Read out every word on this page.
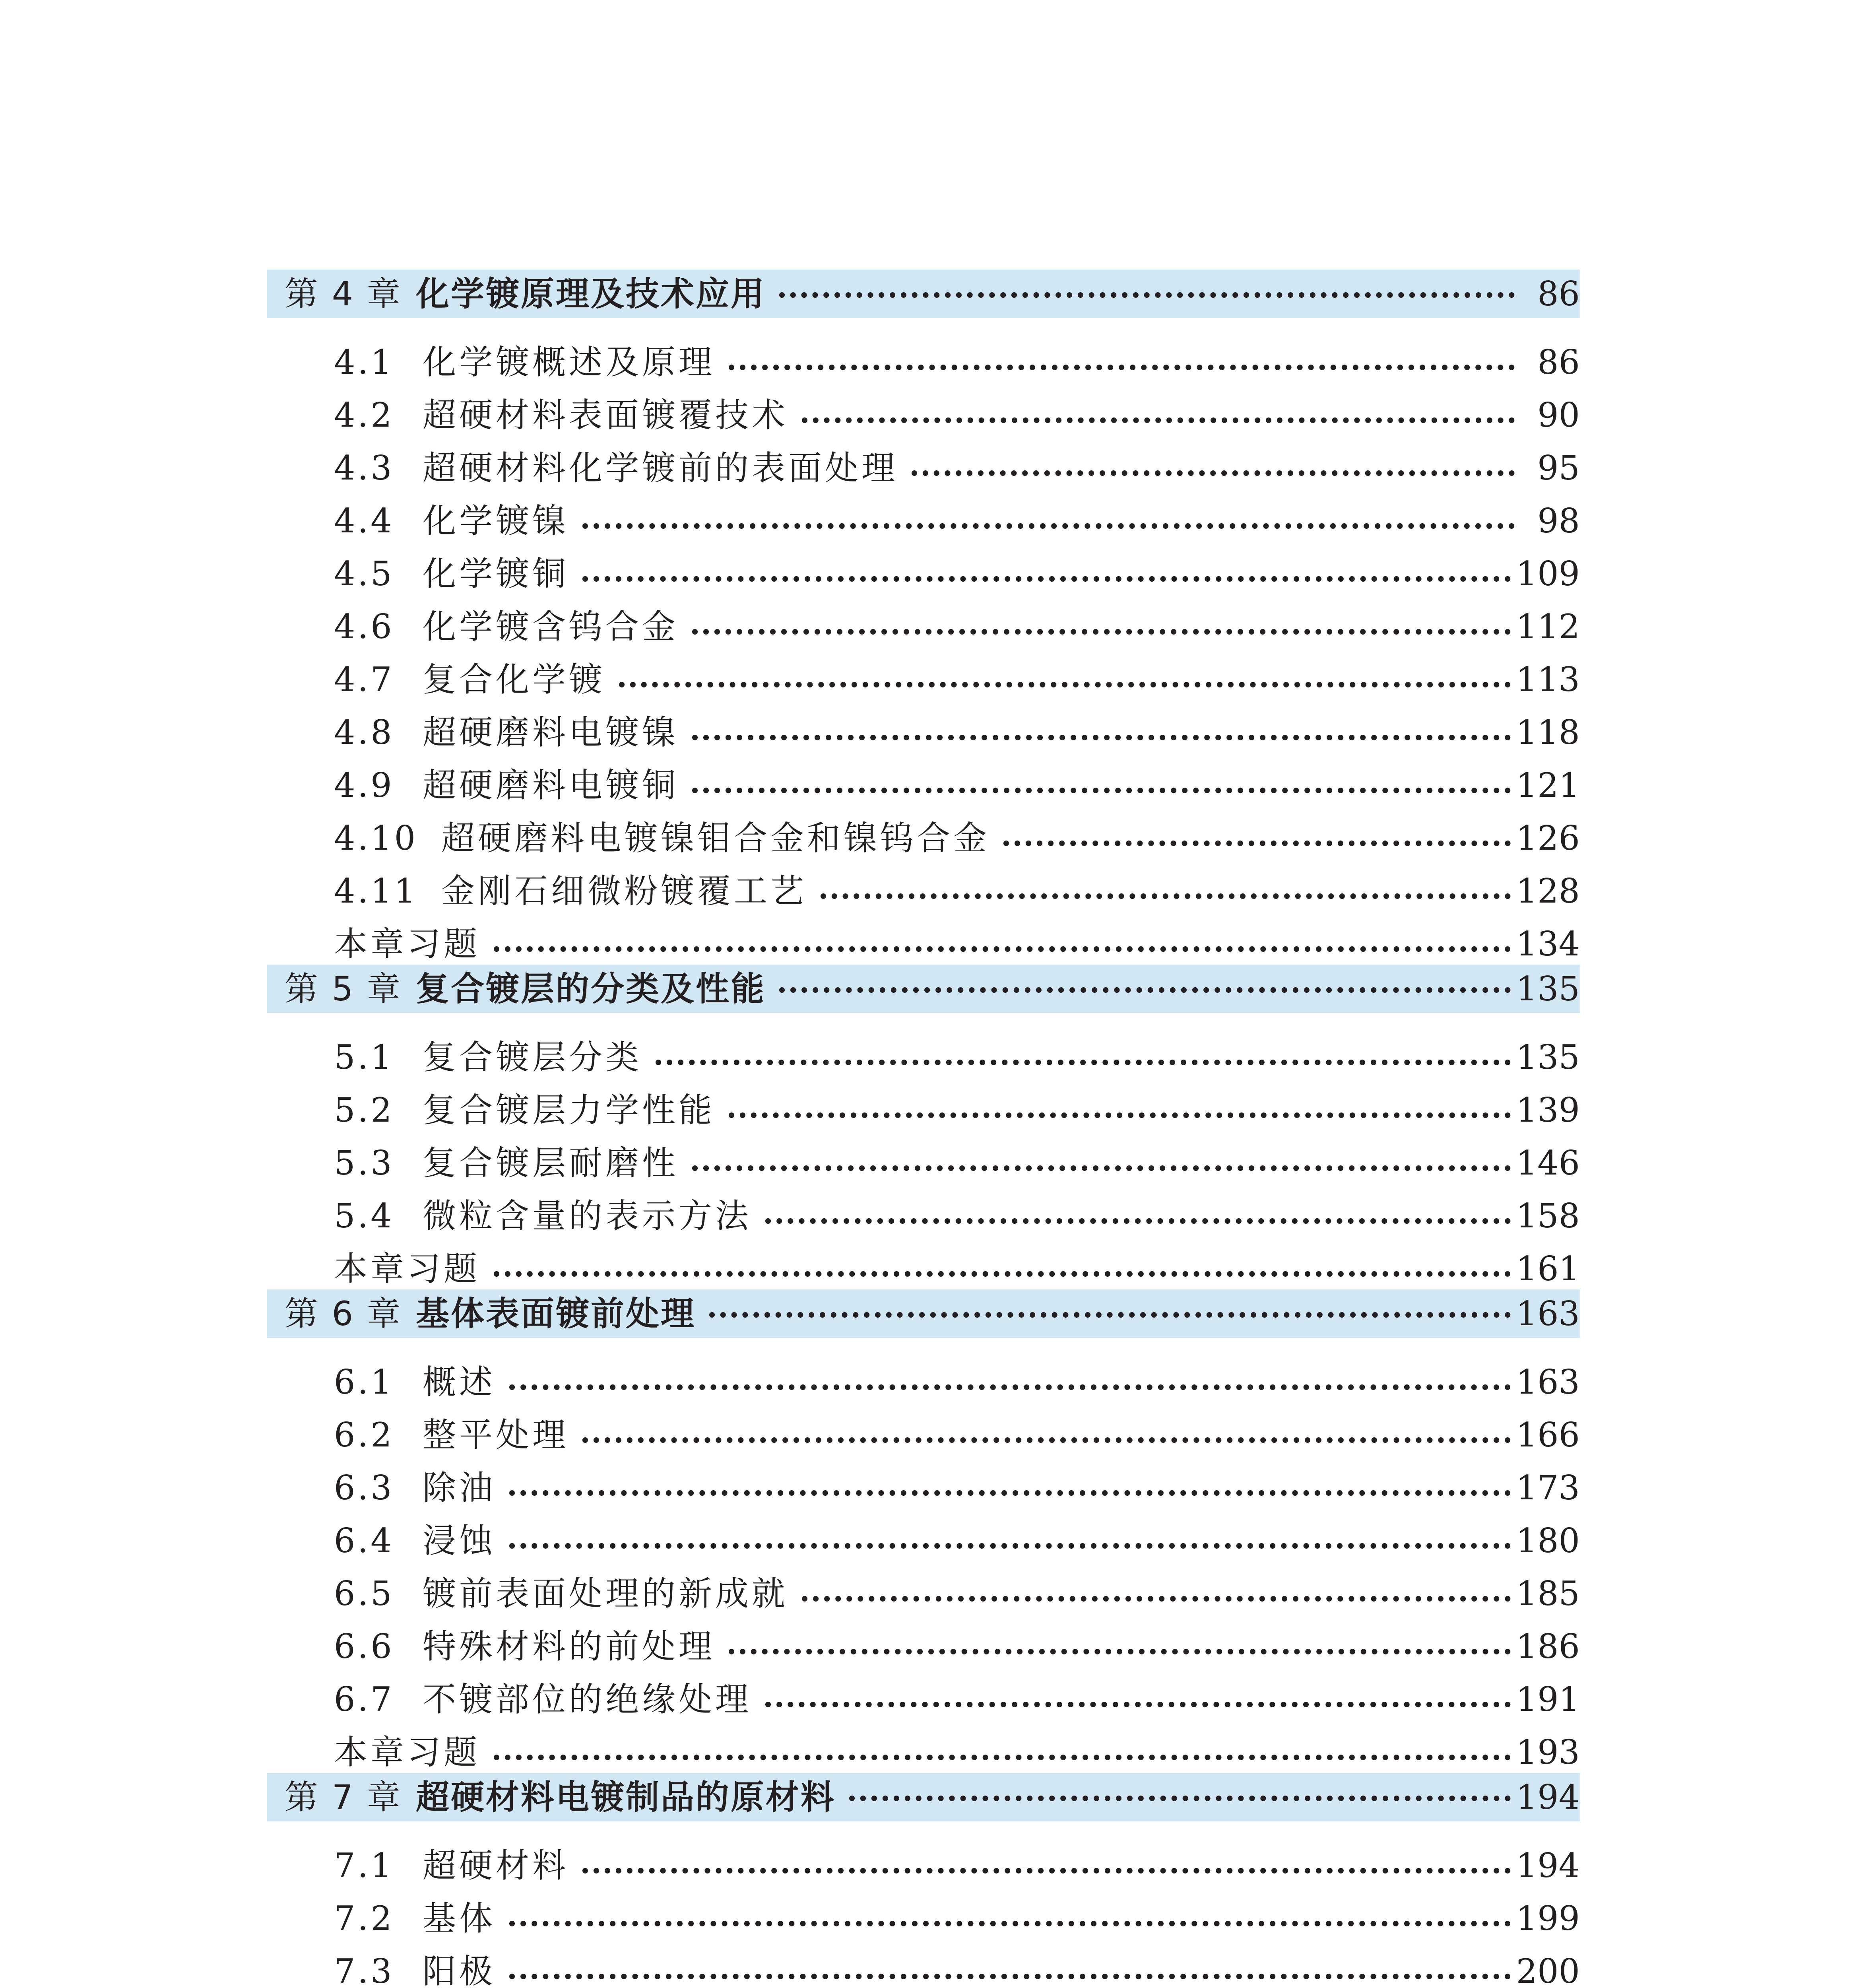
第 4 章 化学镀原理及技术应用	86
4.1 化学镀概述及原理	86
4.2 超硬材料表面镀覆技术	90
4.3 超硬材料化学镀前的表面处理	95
4.4 化学镀镍	98
4.5 化学镀铜	109
4.6 化学镀含钨合金	112
4.7 复合化学镀	113
4.8 超硬磨料电镀镍	118
4.9 超硬磨料电镀铜	121
4.10 超硬磨料电镀镍钼合金和镍钨合金	126
4.11 金刚石细微粉镀覆工艺	128
本章习题	134
第 5 章 复合镀层的分类及性能	135
5.1 复合镀层分类	135
5.2 复合镀层力学性能	139
5.3 复合镀层耐磨性	146
5.4 微粒含量的表示方法	158
本章习题	161
第 6 章 基体表面镀前处理	163
6.1 概述	163
6.2 整平处理	166
6.3 除油	173
6.4 浸蚀	180
6.5 镀前表面处理的新成就	185
6.6 特殊材料的前处理	186
6.7 不镀部位的绝缘处理	191
本章习题	193
第 7 章 超硬材料电镀制品的原材料	194
7.1 超硬材料	194
7.2 基体	199
7.3 阳极	200
